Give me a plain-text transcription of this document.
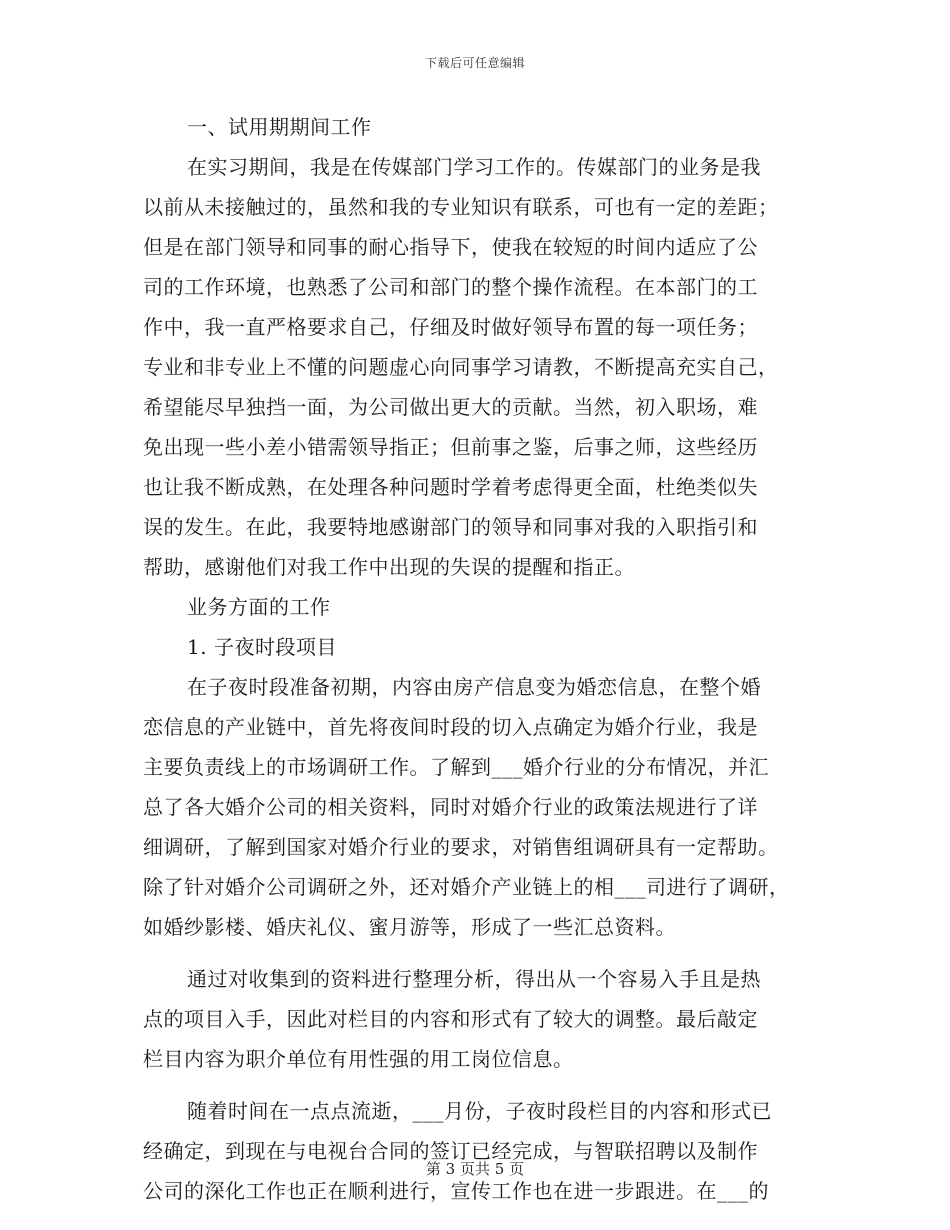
下载后可任意编辑
一、试用期期间工作
在实习期间，我是在传媒部门学习工作的。传媒部门的业务是我
以前从未接触过的，虽然和我的专业知识有联系，可也有一定的差距；
但是在部门领导和同事的耐心指导下，使我在较短的时间内适应了公
司的工作环境，也熟悉了公司和部门的整个操作流程。在本部门的工
作中，我一直严格要求自己，仔细及时做好领导布置的每一项任务；
专业和非专业上不懂的问题虚心向同事学习请教，不断提高充实自己，
希望能尽早独挡一面，为公司做出更大的贡献。当然，初入职场，难
免出现一些小差小错需领导指正；但前事之鉴，后事之师，这些经历
也让我不断成熟，在处理各种问题时学着考虑得更全面，杜绝类似失
误的发生。在此，我要特地感谢部门的领导和同事对我的入职指引和
帮助，感谢他们对我工作中出现的失误的提醒和指正。
业务方面的工作
1. 子夜时段项目
在子夜时段准备初期，内容由房产信息变为婚恋信息，在整个婚
恋信息的产业链中，首先将夜间时段的切入点确定为婚介行业，我是
主要负责线上的市场调研工作。了解到___婚介行业的分布情况，并汇
总了各大婚介公司的相关资料，同时对婚介行业的政策法规进行了详
细调研，了解到国家对婚介行业的要求，对销售组调研具有一定帮助。
除了针对婚介公司调研之外，还对婚介产业链上的相___司进行了调研，
如婚纱影楼、婚庆礼仪、蜜月游等，形成了一些汇总资料。
通过对收集到的资料进行整理分析，得出从一个容易入手且是热
点的项目入手，因此对栏目的内容和形式有了较大的调整。最后敲定
栏目内容为职介单位有用性强的用工岗位信息。
随着时间在一点点流逝，___月份，子夜时段栏目的内容和形式已
经确定，到现在与电视台合同的签订已经完成，与智联招聘以及制作
公司的深化工作也正在顺利进行，宣传工作也在进一步跟进。在___的
第 3 页共 5 页
